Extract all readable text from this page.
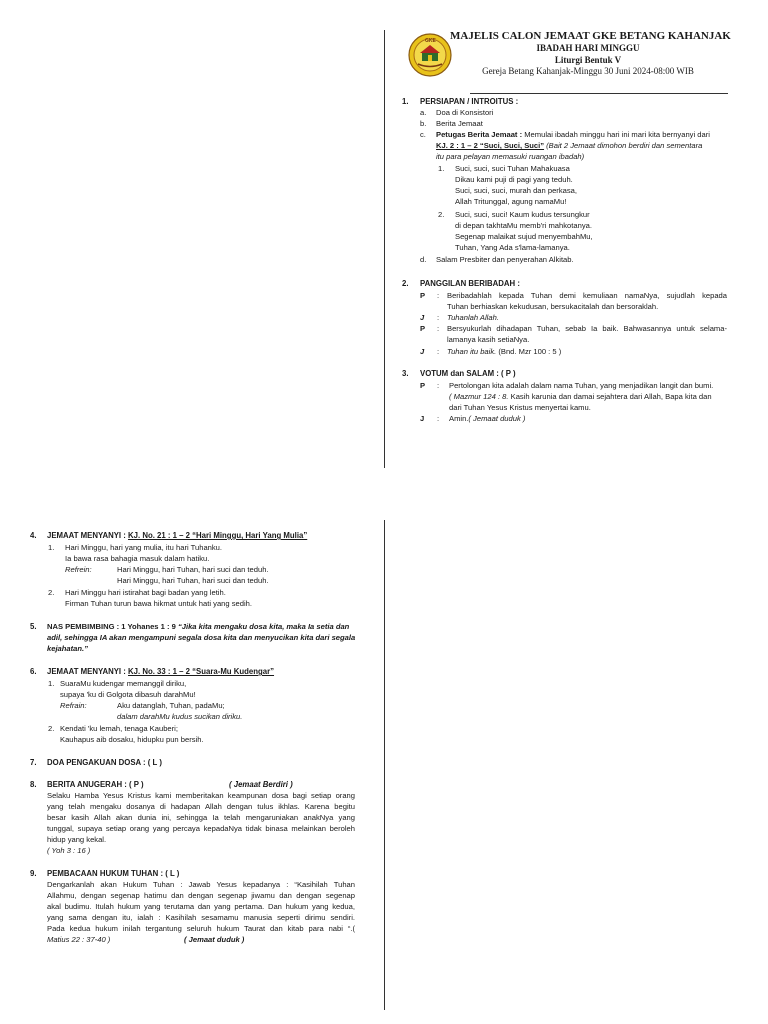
GKE MAJELIS CALON JEMAAT GKE BETANG KAHANJAK
IBADAH HARI MINGGU
Liturgi Bentuk V
Gereja Betang Kahanjak-Minggu 30 Juni 2024-08:00 WIB
1. PERSIAPAN / INTROITUS :
a. Doa di Konsistori
b. Berita Jemaat
c. Petugas Berita Jemaat : Memulai ibadah minggu hari ini mari kita bernyanyi dari
KJ. 2 : 1 – 2 “Suci, Suci, Suci” (Bait 2 Jemaat dimohon berdiri dan sementara
itu para pelayan memasuki ruangan ibadah)
1. Suci, suci, suci Tuhan Mahakuasa
Dikau kami puji di pagi yang teduh.
Suci, suci, suci, murah dan perkasa,
Allah Tritunggal, agung namaMu!
2. Suci, suci, suci! Kaum kudus tersungkur
di depan takhtaMu memb'ri mahkotanya.
Segenap malaikat sujud menyembahMu,
Tuhan, Yang Ada s'lama-lamanya.
d. Salam Presbiter dan penyerahan Alkitab.
2. PANGGILAN BERIBADAH :
P : Beribadahlah kepada Tuhan demi kemuliaan namaNya, sujudlah kepada
Tuhan berhiaskan kekudusan, bersukacitalah dan bersoraklah.
J : Tuhanlah Allah.
P : Bersyukurlah dihadapan Tuhan, sebab Ia baik. Bahwasannya untuk selama-
lamanya kasih setiaNya.
J : Tuhan itu baik. (Bnd. Mzr 100 : 5 )
3. VOTUM dan SALAM : ( P )
P : Pertolongan kita adalah dalam nama Tuhan, yang menjadikan langit dan bumi.
( Mazmur 124 : 8. Kasih karunia dan damai sejahtera dari Allah, Bapa kita dan
dari Tuhan Yesus Kristus menyertai kamu.
J : Amin.( Jemaat duduk )
4. JEMAAT MENYANYI : KJ. No. 21 : 1 – 2 “Hari Minggu, Hari Yang Mulia”
1. Hari Minggu, hari yang mulia, itu hari Tuhanku.
Ia bawa rasa bahagia masuk dalam hatiku.
Refrein:	Hari Minggu, hari Tuhan, hari suci dan teduh.
Hari Minggu, hari Tuhan, hari suci dan teduh.
2. Hari Minggu hari istirahat bagi badan yang letih.
Firman Tuhan turun bawa hikmat untuk hati yang sedih.
5. NAS PEMBIMBING : 1 Yohanes 1 : 9 “Jika kita mengaku dosa kita, maka Ia setia dan
adil, sehingga IA akan mengampuni segala dosa kita dan menyucikan kita dari segala
kejahatan.”
6. JEMAAT MENYANYI : KJ. No. 33 : 1 – 2 “Suara-Mu Kudengar”
1. SuaraMu kudengar memanggil diriku,
supaya 'ku di Golgota dibasuh darahMu!
Refrain:	Aku datanglah, Tuhan, padaMu;
dalam darahMu kudus sucikan diriku.
2. Kendati 'ku lemah, tenaga Kauberi;
Kauhapus aib dosaku, hidupku pun bersih.
7. DOA PENGAKUAN DOSA : ( L )
8. BERITA ANUGERAH : ( P )	( Jemaat Berdiri )
Selaku Hamba Yesus Kristus kami memberitakan keampunan dosa bagi setiap orang
yang telah mengaku dosanya di hadapan Allah dengan tulus ikhlas. Karena begitu
besar kasih Allah akan dunia ini, sehingga Ia telah mengaruniakan anakNya yang
tunggal, supaya setiap orang yang percaya kepadaNya tidak binasa melainkan beroleh
hidup yang kekal.
( Yoh 3 : 16 )
9. PEMBACAAN HUKUM TUHAN : ( L )
Dengarkanlah akan Hukum Tuhan : Jawab Yesus kepadanya : “Kasihilah Tuhan
Allahmu, dengan segenap hatimu dan dengan segenap jiwamu dan dengan segenap
akal budimu. Itulah hukum yang terutama dan yang pertama. Dan hukum yang kedua,
yang sama dengan itu, ialah : Kasihilah sesamamu manusia seperti dirimu sendiri.
Pada kedua hukum inilah tergantung seluruh hukum Taurat dan kitab para nabi “.(
Matius 22 : 37-40 )	( Jemaat duduk )
